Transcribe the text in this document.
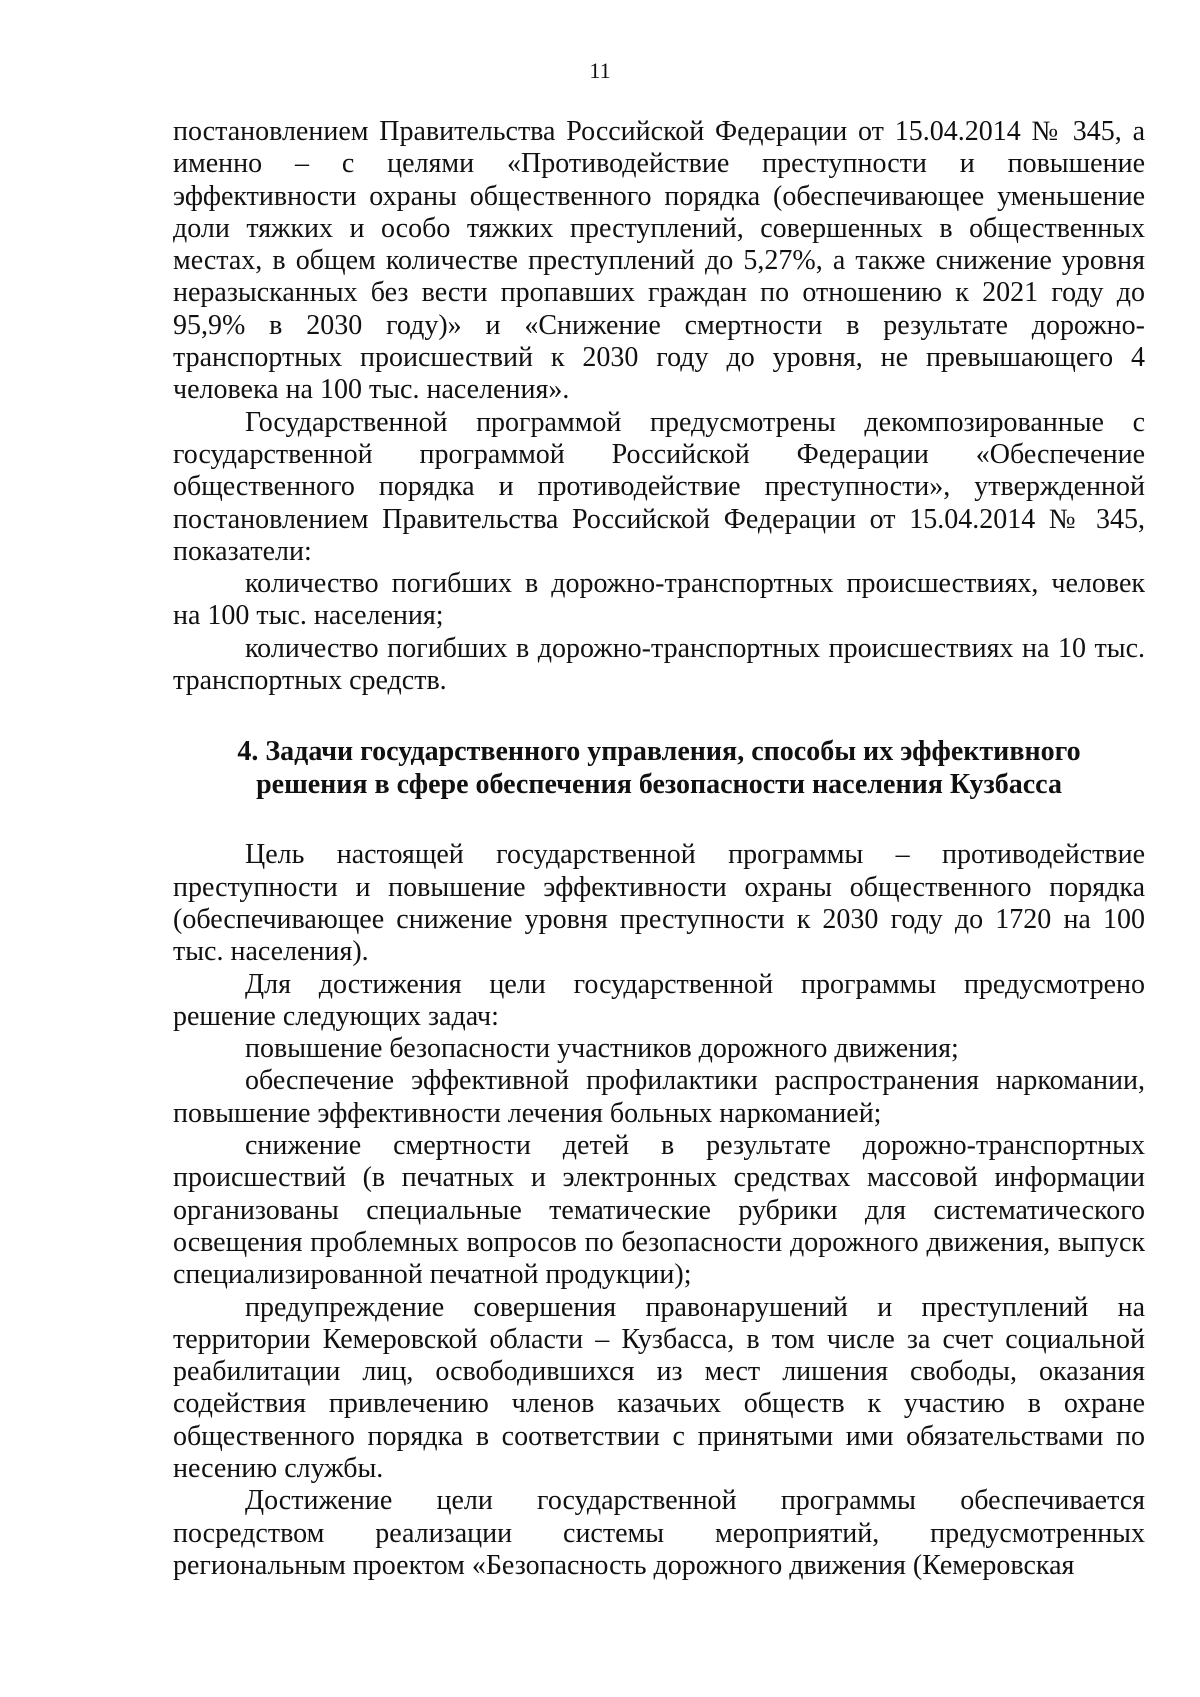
11

постановлением Правительства Российской Федерации от 15.04.2014 № 345, а именно – с целями «Противодействие преступности и повышение эффективности охраны общественного порядка (обеспечивающее уменьшение доли тяжких и особо тяжких преступлений, совершенных в общественных местах, в общем количестве преступлений до 5,27%, а также снижение уровня неразысканных без вести пропавших граждан по отношению к 2021 году до 95,9% в 2030 году)» и «Снижение смертности в результате дорожно-транспортных происшествий к 2030 году до уровня, не превышающего 4 человека на 100 тыс. населения».

Государственной программой предусмотрены декомпозированные с государственной программой Российской Федерации «Обеспечение общественного порядка и противодействие преступности», утвержденной постановлением Правительства Российской Федерации от 15.04.2014 № 345, показатели:

количество погибших в дорожно-транспортных происшествиях, человек на 100 тыс. населения;

количество погибших в дорожно-транспортных происшествиях на 10 тыс. транспортных средств.

4. Задачи государственного управления, способы их эффективного
решения в сфере обеспечения безопасности населения Кузбасса

Цель настоящей государственной программы – противодействие преступности и повышение эффективности охраны общественного порядка (обеспечивающее снижение уровня преступности к 2030 году до 1720 на 100 тыс. населения).

Для достижения цели государственной программы предусмотрено решение следующих задач:

повышение безопасности участников дорожного движения;

обеспечение эффективной профилактики распространения наркомании, повышение эффективности лечения больных наркоманией;

снижение смертности детей в результате дорожно-транспортных происшествий (в печатных и электронных средствах массовой информации организованы специальные тематические рубрики для систематического освещения проблемных вопросов по безопасности дорожного движения, выпуск специализированной печатной продукции);

предупреждение совершения правонарушений и преступлений на территории Кемеровской области – Кузбасса, в том числе за счет социальной реабилитации лиц, освободившихся из мест лишения свободы, оказания содействия привлечению членов казачьих обществ к участию в охране общественного порядка в соответствии с принятыми ими обязательствами по несению службы.

Достижение цели государственной программы обеспечивается посредством реализации системы мероприятий, предусмотренных региональным проектом «Безопасность дорожного движения (Кемеровская
